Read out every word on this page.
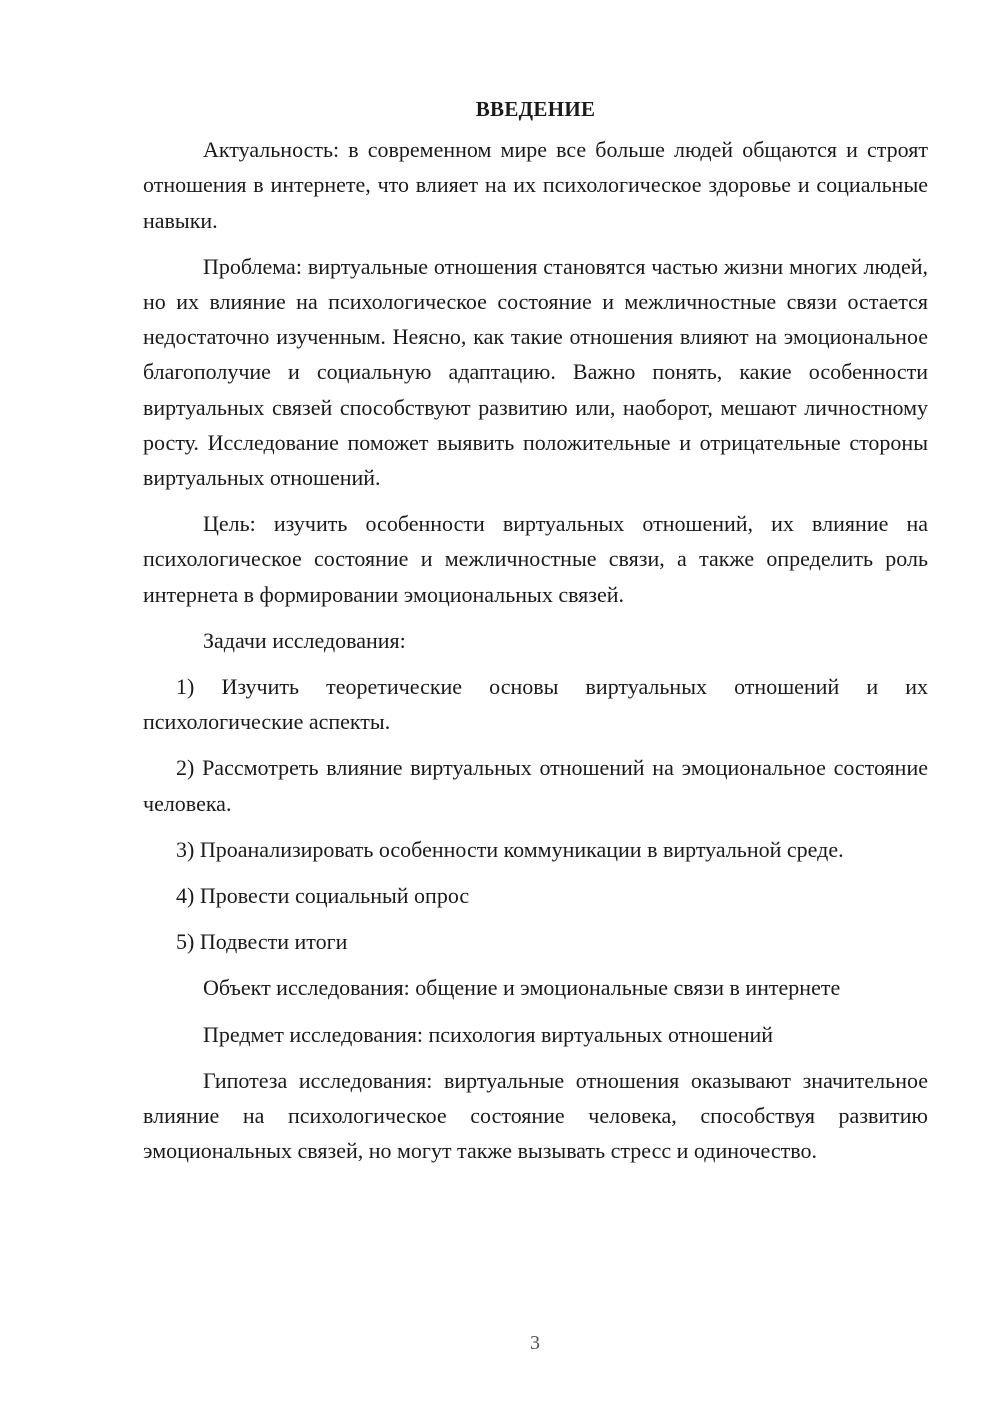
ВВЕДЕНИЕ

Актуальность: в современном мире все больше людей общаются и строят отношения в интернете, что влияет на их психологическое здоровье и социальные навыки.

Проблема: виртуальные отношения становятся частью жизни многих людей, но их влияние на психологическое состояние и межличностные связи остается недостаточно изученным. Неясно, как такие отношения влияют на эмоциональное благополучие и социальную адаптацию. Важно понять, какие особенности виртуальных связей способствуют развитию или, наоборот, мешают личностному росту. Исследование поможет выявить положительные и отрицательные стороны виртуальных отношений.

Цель: изучить особенности виртуальных отношений, их влияние на психологическое состояние и межличностные связи, а также определить роль интернета в формировании эмоциональных связей.

Задачи исследования:

1) Изучить теоретические основы виртуальных отношений и их психологические аспекты.

2) Рассмотреть влияние виртуальных отношений на эмоциональное состояние человека.

3) Проанализировать особенности коммуникации в виртуальной среде.

4) Провести социальный опрос

5) Подвести итоги

Объект исследования: общение и эмоциональные связи в интернете

Предмет исследования: психология виртуальных отношений

Гипотеза исследования: виртуальные отношения оказывают значительное влияние на психологическое состояние человека, способствуя развитию эмоциональных связей, но могут также вызывать стресс и одиночество.

3
